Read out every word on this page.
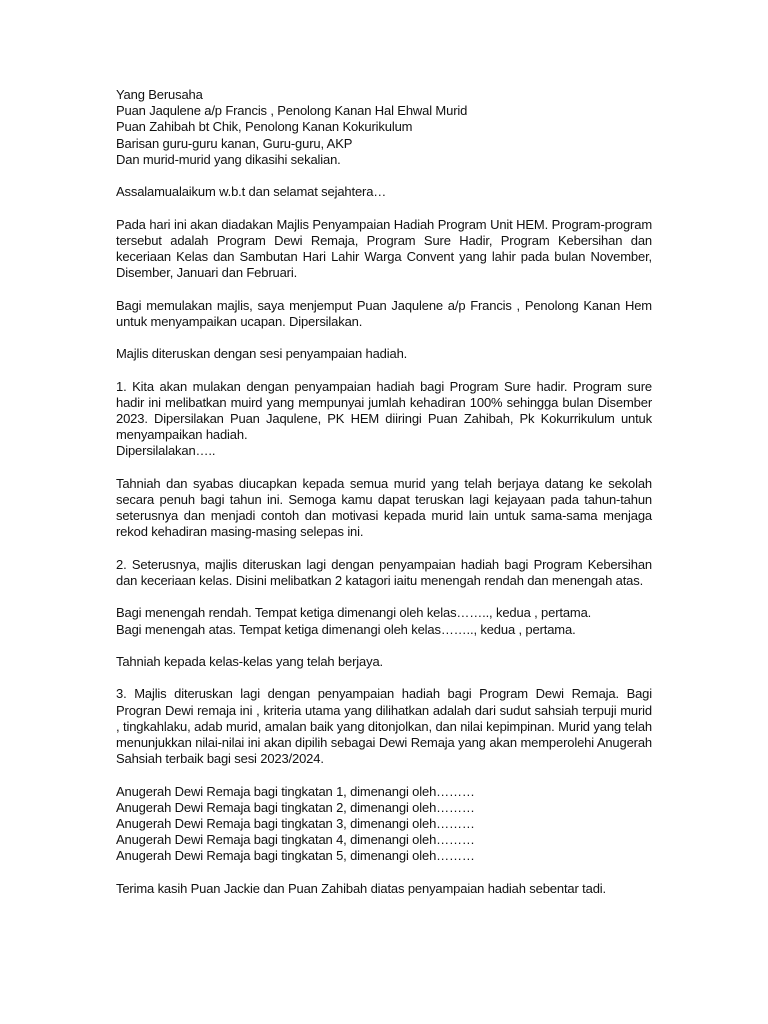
Yang Berusaha
Puan Jaqulene a/p Francis , Penolong Kanan Hal Ehwal Murid
Puan Zahibah bt Chik, Penolong Kanan Kokurikulum
Barisan guru-guru kanan, Guru-guru, AKP
Dan murid-murid yang dikasihi sekalian.

Assalamualaikum w.b.t dan selamat sejahtera…

Pada hari ini akan diadakan Majlis Penyampaian Hadiah Program Unit HEM. Program-program tersebut adalah Program Dewi Remaja, Program Sure Hadir, Program Kebersihan dan keceriaan Kelas dan Sambutan Hari Lahir Warga Convent yang lahir pada bulan November, Disember, Januari dan Februari.

Bagi memulakan majlis, saya menjemput Puan Jaqulene a/p Francis , Penolong Kanan Hem untuk menyampaikan ucapan. Dipersilakan.

Majlis diteruskan dengan sesi penyampaian hadiah.

1. Kita akan mulakan dengan penyampaian hadiah bagi Program Sure hadir. Program sure hadir ini melibatkan muird yang mempunyai jumlah kehadiran 100% sehingga bulan Disember 2023. Dipersilakan Puan Jaqulene, PK HEM diiringi Puan Zahibah, Pk Kokurrikulum untuk menyampaikan hadiah.

Dipersilalakan…..

Tahniah dan syabas diucapkan kepada semua murid yang telah berjaya datang ke sekolah secara penuh bagi tahun ini. Semoga kamu dapat teruskan lagi kejayaan pada tahun-tahun seterusnya dan menjadi contoh dan motivasi kepada murid lain untuk sama-sama menjaga rekod kehadiran masing-masing selepas ini.

2. Seterusnya, majlis diteruskan lagi dengan penyampaian hadiah bagi Program Kebersihan dan keceriaan kelas. Disini melibatkan 2 katagori iaitu menengah rendah dan menengah atas.

Bagi menengah rendah. Tempat ketiga dimenangi oleh kelas…….., kedua , pertama.
Bagi menengah atas. Tempat ketiga dimenangi oleh kelas…….., kedua , pertama.

Tahniah kepada kelas-kelas yang telah berjaya.

3. Majlis diteruskan lagi dengan penyampaian hadiah bagi Program Dewi Remaja. Bagi Progran Dewi remaja ini , kriteria utama yang dilihatkan adalah dari sudut sahsiah terpuji murid , tingkahlaku, adab murid, amalan baik yang ditonjolkan, dan nilai kepimpinan. Murid yang telah menunjukkan nilai-nilai ini akan dipilih sebagai Dewi Remaja yang akan memperolehi Anugerah Sahsiah terbaik bagi sesi 2023/2024.

Anugerah Dewi Remaja bagi tingkatan 1, dimenangi oleh………
Anugerah Dewi Remaja bagi tingkatan 2, dimenangi oleh………
Anugerah Dewi Remaja bagi tingkatan 3, dimenangi oleh………
Anugerah Dewi Remaja bagi tingkatan 4, dimenangi oleh………
Anugerah Dewi Remaja bagi tingkatan 5, dimenangi oleh………

Terima kasih Puan Jackie dan Puan Zahibah diatas penyampaian hadiah sebentar tadi.
